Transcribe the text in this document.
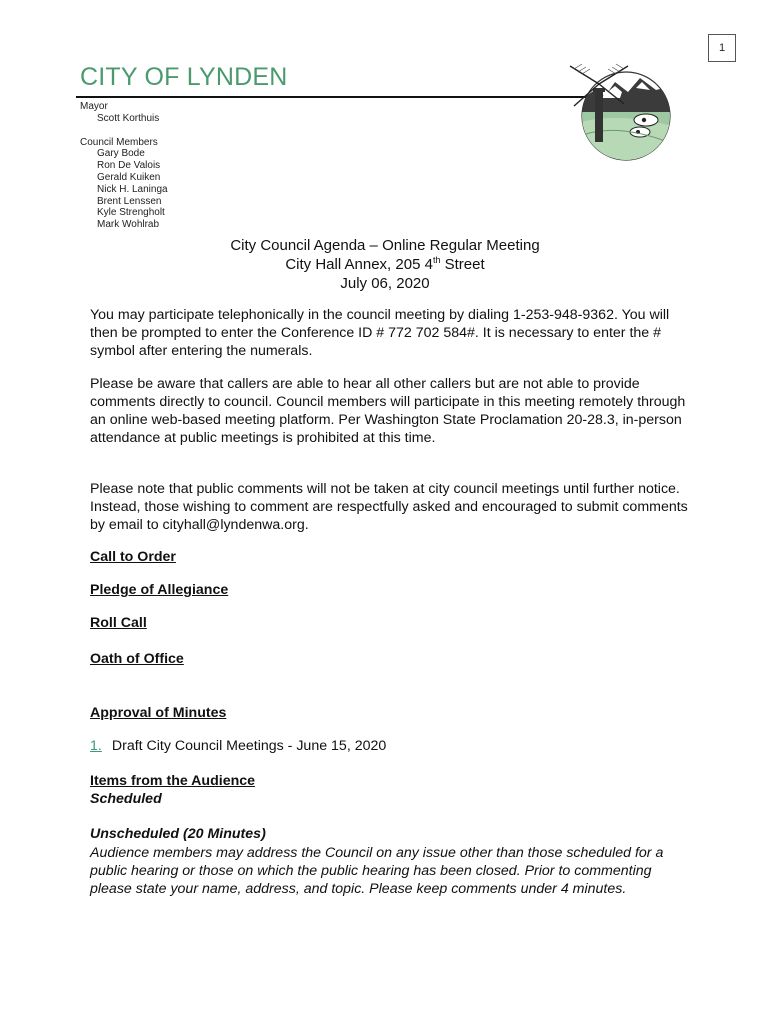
1
CITY OF LYNDEN
Mayor
Scott Korthuis
Council Members
Gary Bode
Ron De Valois
Gerald Kuiken
Nick H. Laninga
Brent Lenssen
Kyle Strengholt
Mark Wohlrab
City Council Agenda – Online Regular Meeting
City Hall Annex, 205 4th Street
July 06, 2020
You may participate telephonically in the council meeting by dialing 1-253-948-9362. You will then be prompted to enter the Conference ID # 772 702 584#. It is necessary to enter the # symbol after entering the numerals.
Please be aware that callers are able to hear all other callers but are not able to provide comments directly to council. Council members will participate in this meeting remotely through an online web-based meeting platform. Per Washington State Proclamation 20-28.3, in-person attendance at public meetings is prohibited at this time.
Please note that public comments will not be taken at city council meetings until further notice. Instead, those wishing to comment are respectfully asked and encouraged to submit comments by email to cityhall@lyndenwa.org.
Call to Order
Pledge of Allegiance
Roll Call
Oath of Office
Approval of Minutes
1. Draft City Council Meetings - June 15, 2020
Items from the Audience
Scheduled
Unscheduled (20 Minutes)
Audience members may address the Council on any issue other than those scheduled for a public hearing or those on which the public hearing has been closed. Prior to commenting please state your name, address, and topic. Please keep comments under 4 minutes.
